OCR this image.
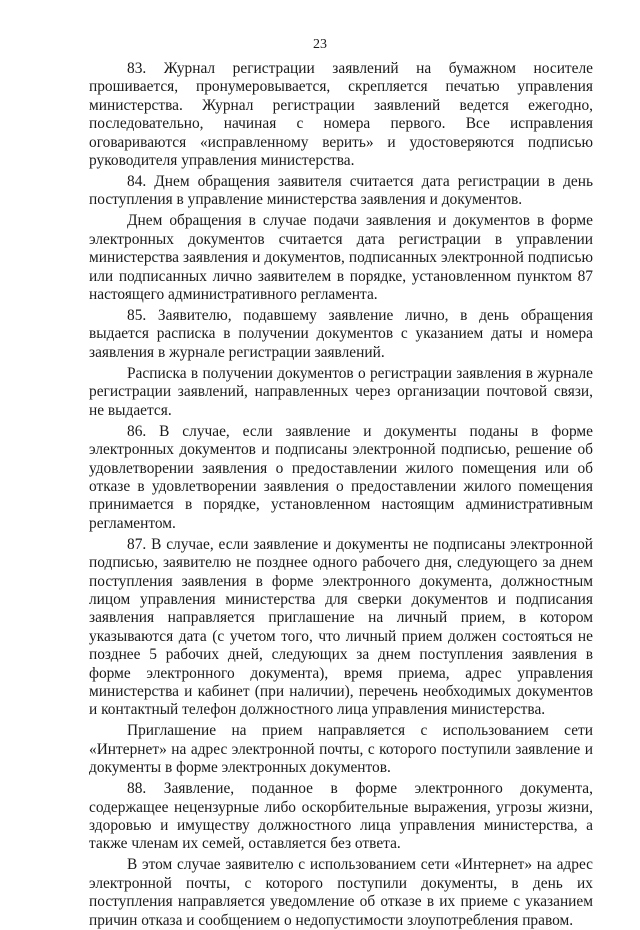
23

83. Журнал регистрации заявлений на бумажном носителе прошивается, пронумеровывается, скрепляется печатью управления министерства. Журнал регистрации заявлений ведется ежегодно, последовательно, начиная с номера первого. Все исправления оговариваются «исправленному верить» и удостоверяются подписью руководителя управления министерства.

84. Днем обращения заявителя считается дата регистрации в день поступления в управление министерства заявления и документов.

Днем обращения в случае подачи заявления и документов в форме электронных документов считается дата регистрации в управлении министерства заявления и документов, подписанных электронной подписью или подписанных лично заявителем в порядке, установленном пунктом 87 настоящего административного регламента.

85. Заявителю, подавшему заявление лично, в день обращения выдается расписка в получении документов с указанием даты и номера заявления в журнале регистрации заявлений.

Расписка в получении документов о регистрации заявления в журнале регистрации заявлений, направленных через организации почтовой связи, не выдается.

86. В случае, если заявление и документы поданы в форме электронных документов и подписаны электронной подписью, решение об удовлетворении заявления о предоставлении жилого помещения или об отказе в удовлетворении заявления о предоставлении жилого помещения принимается в порядке, установленном настоящим административным регламентом.

87. В случае, если заявление и документы не подписаны электронной подписью, заявителю не позднее одного рабочего дня, следующего за днем поступления заявления в форме электронного документа, должностным лицом управления министерства для сверки документов и подписания заявления направляется приглашение на личный прием, в котором указываются дата (с учетом того, что личный прием должен состояться не позднее 5 рабочих дней, следующих за днем поступления заявления в форме электронного документа), время приема, адрес управления министерства и кабинет (при наличии), перечень необходимых документов и контактный телефон должностного лица управления министерства.

Приглашение на прием направляется с использованием сети «Интернет» на адрес электронной почты, с которого поступили заявление и документы в форме электронных документов.

88. Заявление, поданное в форме электронного документа, содержащее нецензурные либо оскорбительные выражения, угрозы жизни, здоровью и имуществу должностного лица управления министерства, а также членам их семей, оставляется без ответа.

В этом случае заявителю с использованием сети «Интернет» на адрес электронной почты, с которого поступили документы, в день их поступления направляется уведомление об отказе в их приеме с указанием причин отказа и сообщением о недопустимости злоупотребления правом.
